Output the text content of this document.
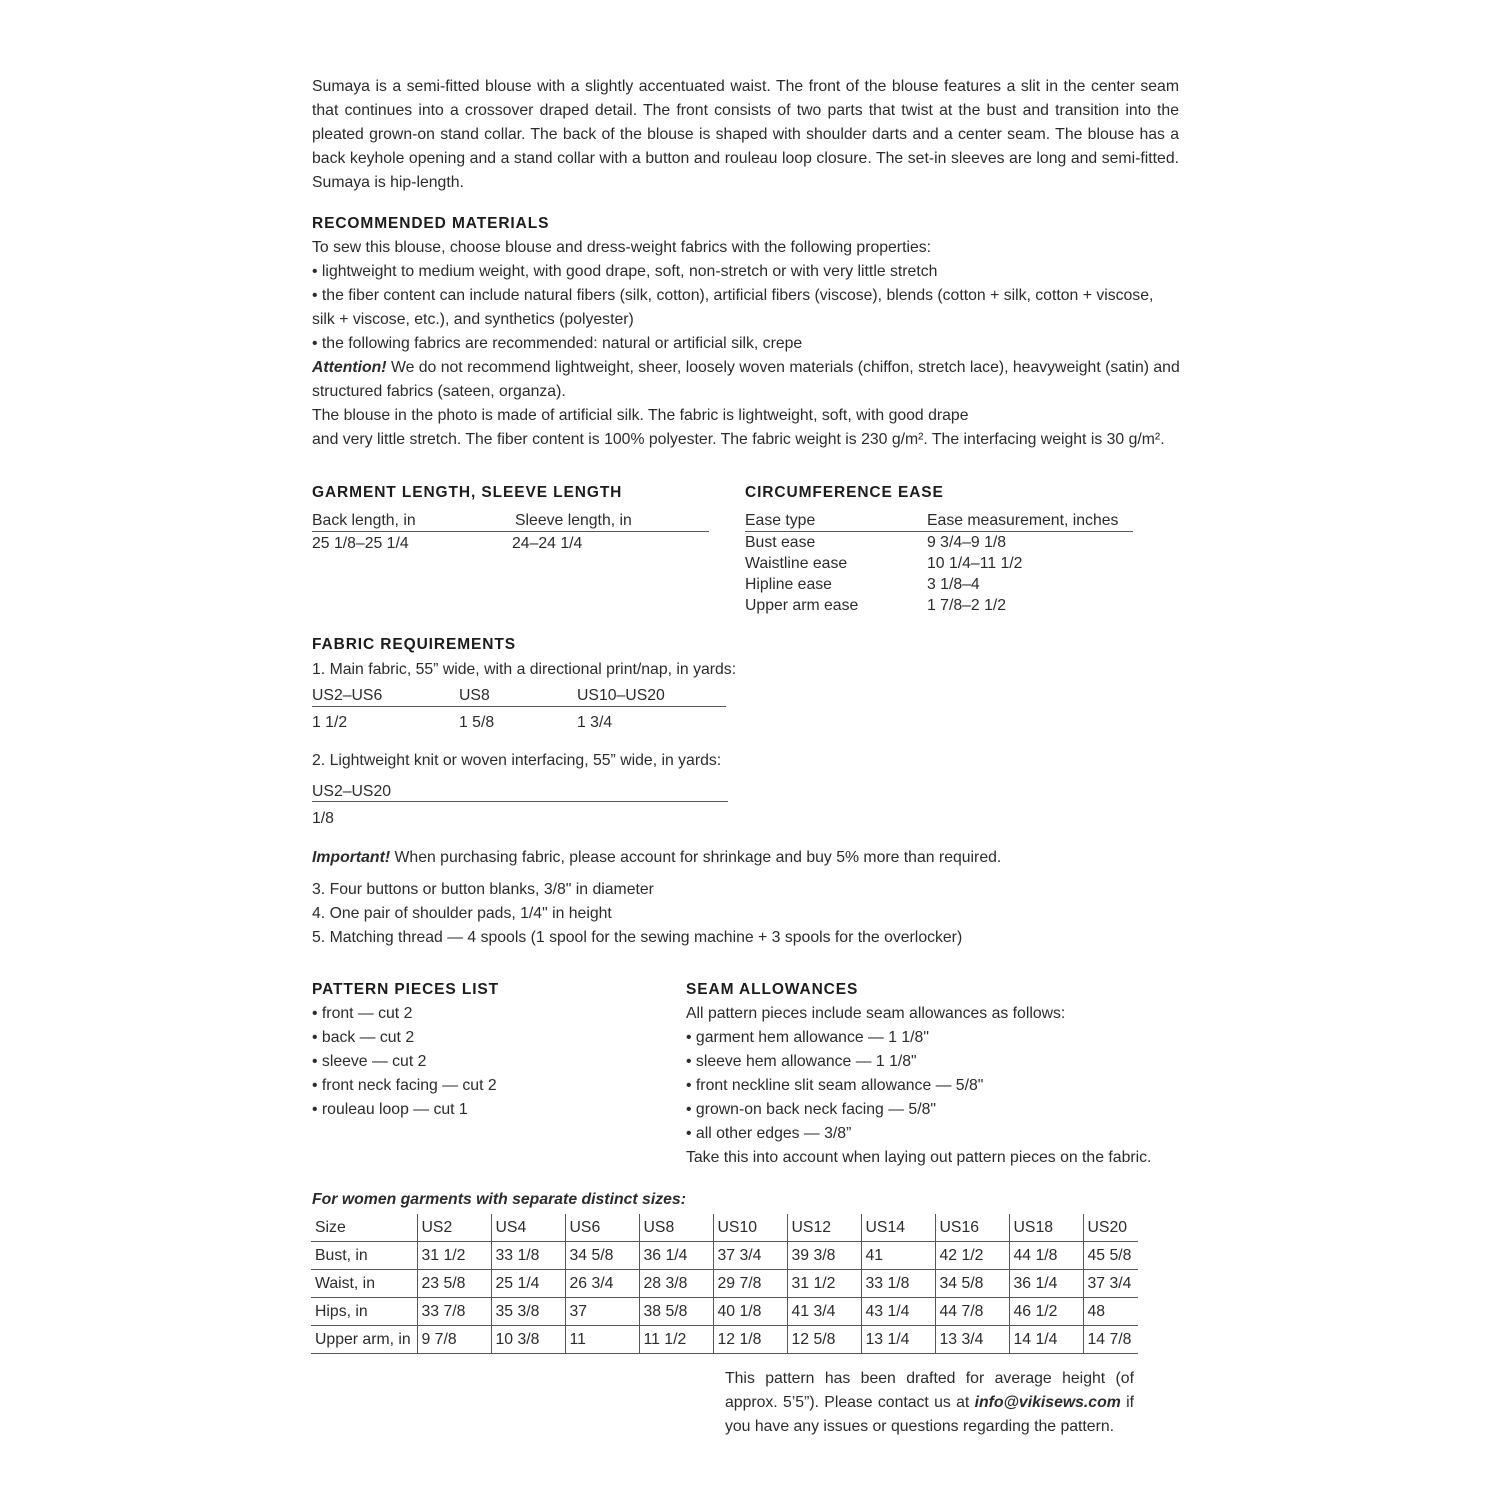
Sumaya is a semi-fitted blouse with a slightly accentuated waist. The front of the blouse features a slit in the center seam that continues into a crossover draped detail. The front consists of two parts that twist at the bust and transition into the pleated grown-on stand collar. The back of the blouse is shaped with shoulder darts and a center seam. The blouse has a back keyhole opening and a stand collar with a button and rouleau loop closure. The set-in sleeves are long and semi-fitted. Sumaya is hip-length.

RECOMMENDED MATERIALS

To sew this blouse, choose blouse and dress-weight fabrics with the following properties:

• lightweight to medium weight, with good drape, soft, non-stretch or with very little stretch

• the fiber content can include natural fibers (silk, cotton), artificial fibers (viscose), blends (cotton + silk, cotton + viscose,

silk + viscose, etc.), and synthetics (polyester)

• the following fabrics are recommended: natural or artificial silk, crepe

Attention! We do not recommend lightweight, sheer, loosely woven materials (chiffon, stretch lace), heavyweight (satin) and

structured fabrics (sateen, organza).

The blouse in the photo is made of artificial silk. The fabric is lightweight, soft, with good drape

and very little stretch. The fiber content is 100% polyester. The fabric weight is 230 g/m². The interfacing weight is 30 g/m².

GARMENT LENGTH, SLEEVE LENGTH

Back length, in	Sleeve length, in
25 1/8–25 1/4	24–24 1/4

CIRCUMFERENCE EASE

Ease type	Ease measurement, inches
Bust ease	9 3/4–9 1/8
Waistline ease	10 1/4–11 1/2
Hipline ease	3 1/8–4
Upper arm ease	1 7/8–2 1/2

FABRIC REQUIREMENTS

1. Main fabric, 55” wide, with a directional print/nap, in yards:

US2–US6	US8	US10–US20
1 1/2	1 5/8	1 3/4

2. Lightweight knit or woven interfacing, 55” wide, in yards:

US2–US20
1/8

Important! When purchasing fabric, please account for shrinkage and buy 5% more than required.

3. Four buttons or button blanks, 3/8" in diameter

4. One pair of shoulder pads, 1/4" in height

5. Matching thread — 4 spools (1 spool for the sewing machine + 3 spools for the overlocker)

PATTERN PIECES LIST

• front — cut 2

• back — cut 2

• sleeve — cut 2

• front neck facing — cut 2

• rouleau loop — cut 1

SEAM ALLOWANCES

All pattern pieces include seam allowances as follows:

• garment hem allowance — 1 1/8"

• sleeve hem allowance — 1 1/8"

• front neckline slit seam allowance — 5/8"

• grown-on back neck facing — 5/8"

• all other edges — 3/8”

Take this into account when laying out pattern pieces on the fabric.

For women garments with separate distinct sizes:

Size	US2	US4	US6	US8	US10	US12	US14	US16	US18	US20
Bust, in	31 1/2	33 1/8	34 5/8	36 1/4	37 3/4	39 3/8	41	42 1/2	44 1/8	45 5/8
Waist, in	23 5/8	25 1/4	26 3/4	28 3/8	29 7/8	31 1/2	33 1/8	34 5/8	36 1/4	37 3/4
Hips, in	33 7/8	35 3/8	37	38 5/8	40 1/8	41 3/4	43 1/4	44 7/8	46 1/2	48
Upper arm, in	9 7/8	10 3/8	11	11 1/2	12 1/8	12 5/8	13 1/4	13 3/4	14 1/4	14 7/8

This pattern has been drafted for average height (of approx. 5’5”). Please contact us at info@vikisews.com if you have any issues or questions regarding the pattern.
